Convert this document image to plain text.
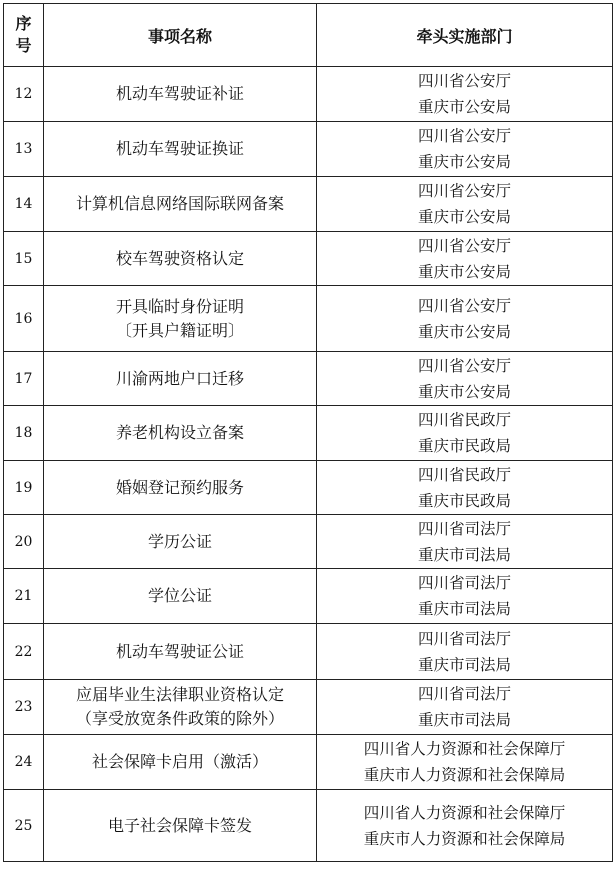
序
号	事项名称	牵头实施部门
12	机动车驾驶证补证	四川省公安厅
重庆市公安局

13	机动车驾驶证换证	四川省公安厅
重庆市公安局

14	计算机信息网络国际联网备案	四川省公安厅
重庆市公安局

15	校车驾驶资格认定	四川省公安厅
重庆市公安局

16	开具临时身份证明
〔开具户籍证明〕	四川省公安厅
重庆市公安局

17	川渝两地户口迁移	四川省公安厅
重庆市公安局

18	养老机构设立备案	四川省民政厅
重庆市民政局

19	婚姻登记预约服务	四川省民政厅
重庆市民政局

20	学历公证	四川省司法厅
重庆市司法局

21	学位公证	四川省司法厅
重庆市司法局

22	机动车驾驶证公证	四川省司法厅
重庆市司法局

23	应届毕业生法律职业资格认定
（享受放宽条件政策的除外）	四川省司法厅
重庆市司法局

24	社会保障卡启用（激活）	四川省人力资源和社会保障厅
重庆市人力资源和社会保障局

25	电子社会保障卡签发	四川省人力资源和社会保障厅
重庆市人力资源和社会保障局
